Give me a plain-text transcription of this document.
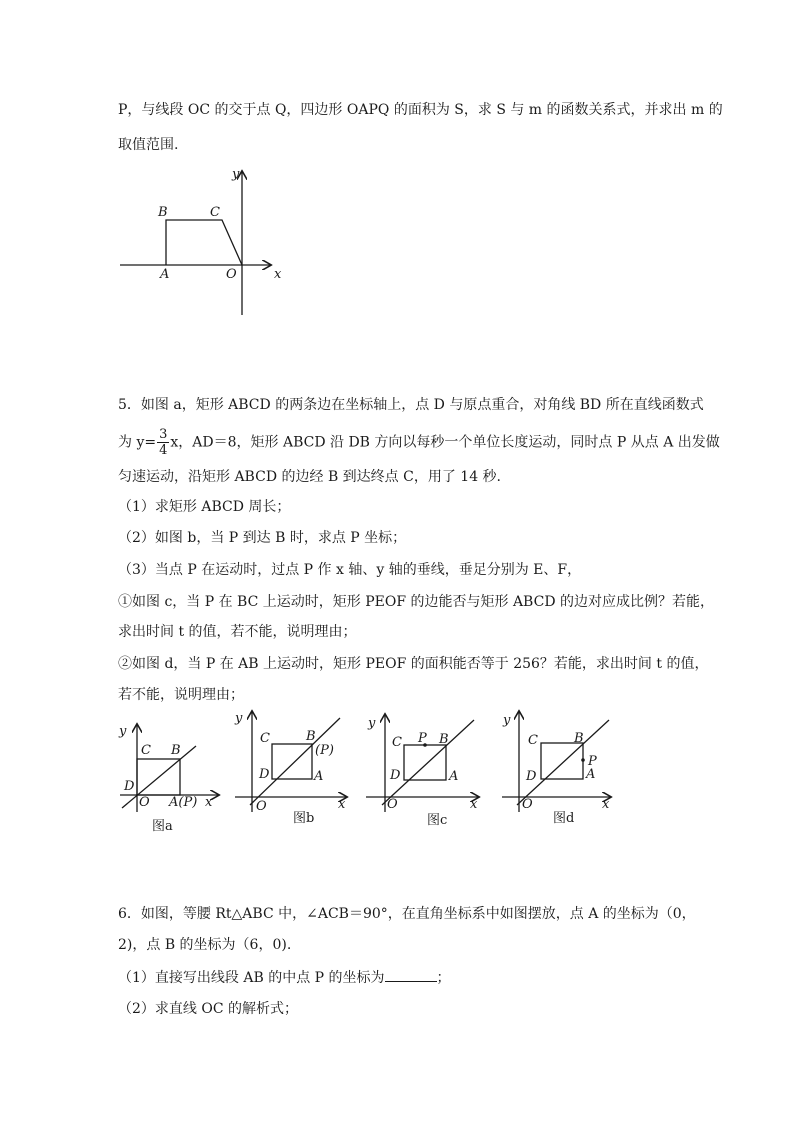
P，与线段 OC 的交于点 Q，四边形 OAPQ 的面积为 S，求 S 与 m 的函数关系式，并求出 m 的
取值范围.
y
x
A
B	C
O
5．如图 a，矩形 ABCD 的两条边在坐标轴上，点 D 与原点重合，对角线 BD 所在直线函数式
为 $y= \frac{3}{4}$ x，AD＝8，矩形 ABCD 沿 DB 方向以每秒一个单位长度运动，同时点 P 从点 A 出发做
匀速运动，沿矩形 ABCD 的边经 B 到达终点 C，用了 14 秒.
（1）求矩形 ABCD 周长；
（2）如图 b，当 P 到达 B 时，求点 P 坐标；
（3）当点 P 在运动时，过点 P 作 x 轴、y 轴的垂线，垂足分别为 E、F，
①如图 c，当 P 在 BC 上运动时，矩形 PEOF 的边能否与矩形 ABCD 的边对应成比例？若能，
求出时间 t 的值，若不能，说明理由；
②如图 d，当 P 在 AB 上运动时，矩形 PEOF 的面积能否等于 256？若能，求出时间 t 的值，
若不能，说明理由；
y
x
C B
D
O A(P)
图a
y
x
C	B
(P)
D	A
O
图b
y
x
C P B
D	A
O
图c
y
x
C	B
P
D	A
O
图d
6．如图，等腰 Rt△ABC 中，∠ACB＝90°，在直角坐标系中如图摆放，点 A 的坐标为（0，
2)，点 B 的坐标为（6，0).
（1）直接写出线段 AB 的中点 P 的坐标为	；
（2）求直线 OC 的解析式；
